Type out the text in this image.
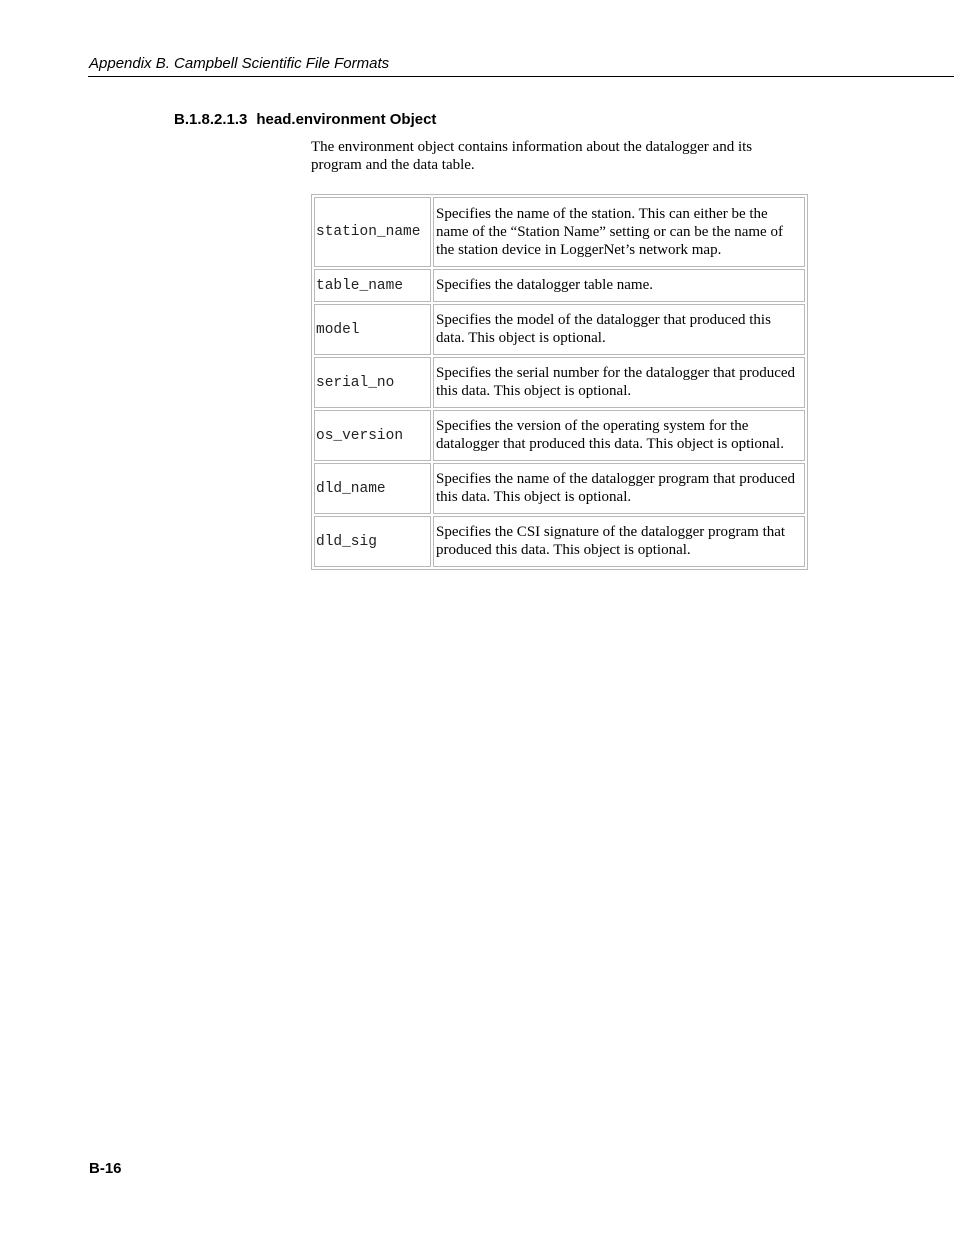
Appendix B. Campbell Scientific File Formats
B.1.8.2.1.3 head.environment Object
The environment object contains information about the datalogger and its program and the data table.
station_name	Specifies the name of the station. This can either be the name of the “Station Name” setting or can be the name of the station device in LoggerNet’s network map.
table_name	Specifies the datalogger table name.
model	Specifies the model of the datalogger that produced this data. This object is optional.
serial_no	Specifies the serial number for the datalogger that produced this data. This object is optional.
os_version	Specifies the version of the operating system for the datalogger that produced this data. This object is optional.
dld_name	Specifies the name of the datalogger program that produced this data. This object is optional.
dld_sig	Specifies the CSI signature of the datalogger program that produced this data. This object is optional.
B-16
